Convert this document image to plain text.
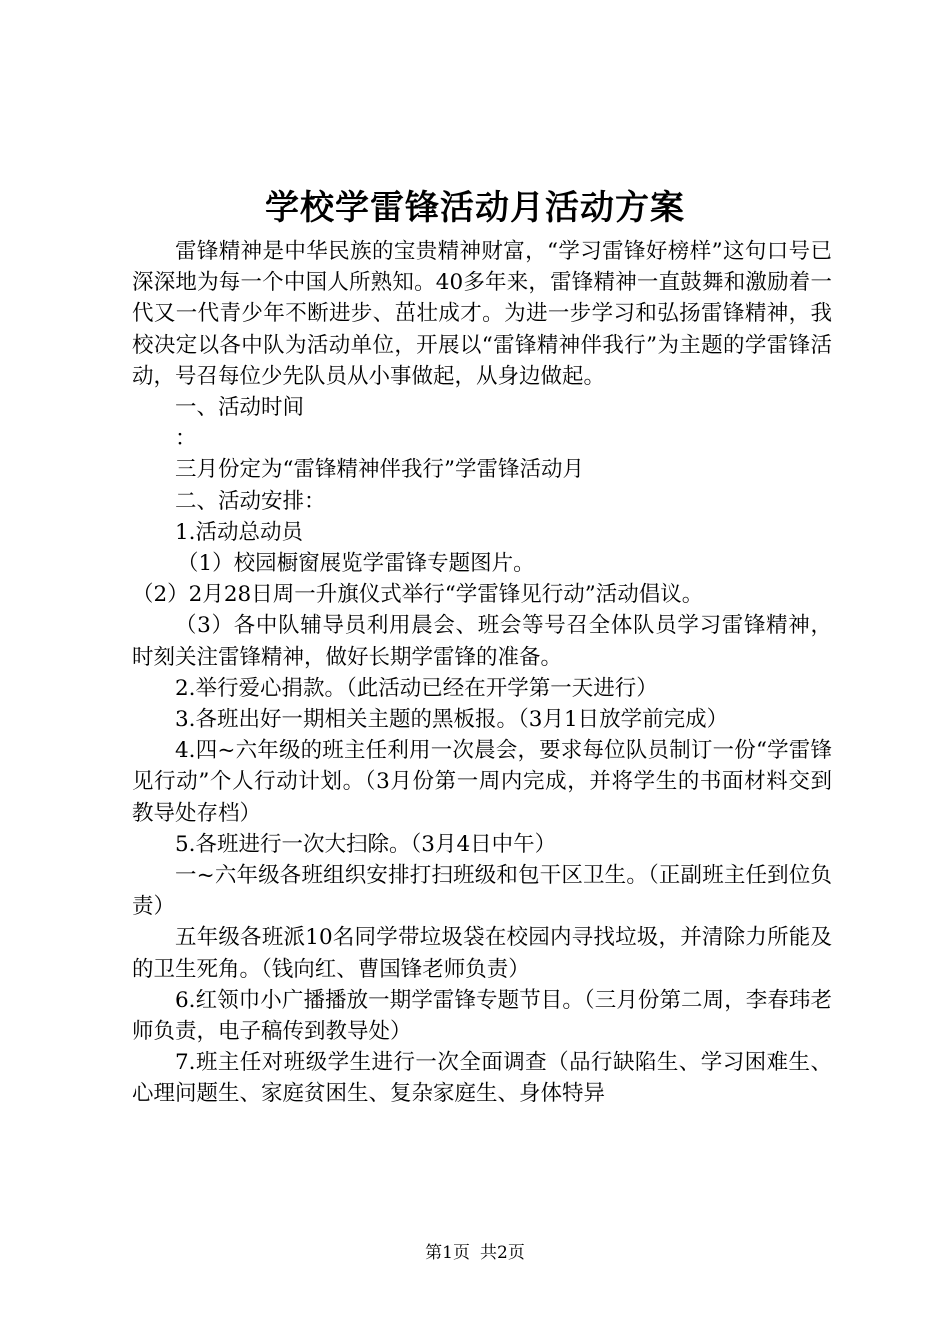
学校学雷锋活动月活动方案

雷锋精神是中华民族的宝贵精神财富，“学习雷锋好榜样”这句口号已深深地为每一个中国人所熟知。40多年来，雷锋精神一直鼓舞和激励着一代又一代青少年不断进步、茁壮成才。为进一步学习和弘扬雷锋精神，我校决定以各中队为活动单位，开展以“雷锋精神伴我行”为主题的学雷锋活动，号召每位少先队员从小事做起，从身边做起。

一、活动时间

：

三月份定为“雷锋精神伴我行”学雷锋活动月

二、活动安排：

1.活动总动员

（1）校园橱窗展览学雷锋专题图片。

（2）2月28日周一升旗仪式举行“学雷锋见行动”活动倡议。

（3）各中队辅导员利用晨会、班会等号召全体队员学习雷锋精神，时刻关注雷锋精神，做好长期学雷锋的准备。

2.举行爱心捐款。（此活动已经在开学第一天进行）

3.各班出好一期相关主题的黑板报。（3月1日放学前完成）

4.四~六年级的班主任利用一次晨会，要求每位队员制订一份“学雷锋见行动”个人行动计划。（3月份第一周内完成，并将学生的书面材料交到教导处存档）

5.各班进行一次大扫除。（3月4日中午）

一~六年级各班组织安排打扫班级和包干区卫生。（正副班主任到位负责）

五年级各班派10名同学带垃圾袋在校园内寻找垃圾，并清除力所能及的卫生死角。（钱向红、曹国锋老师负责）

6.红领巾小广播播放一期学雷锋专题节目。（三月份第二周，李春玮老师负责，电子稿传到教导处）

7.班主任对班级学生进行一次全面调查（品行缺陷生、学习困难生、心理问题生、家庭贫困生、复杂家庭生、身体特异

第1页 共2页
